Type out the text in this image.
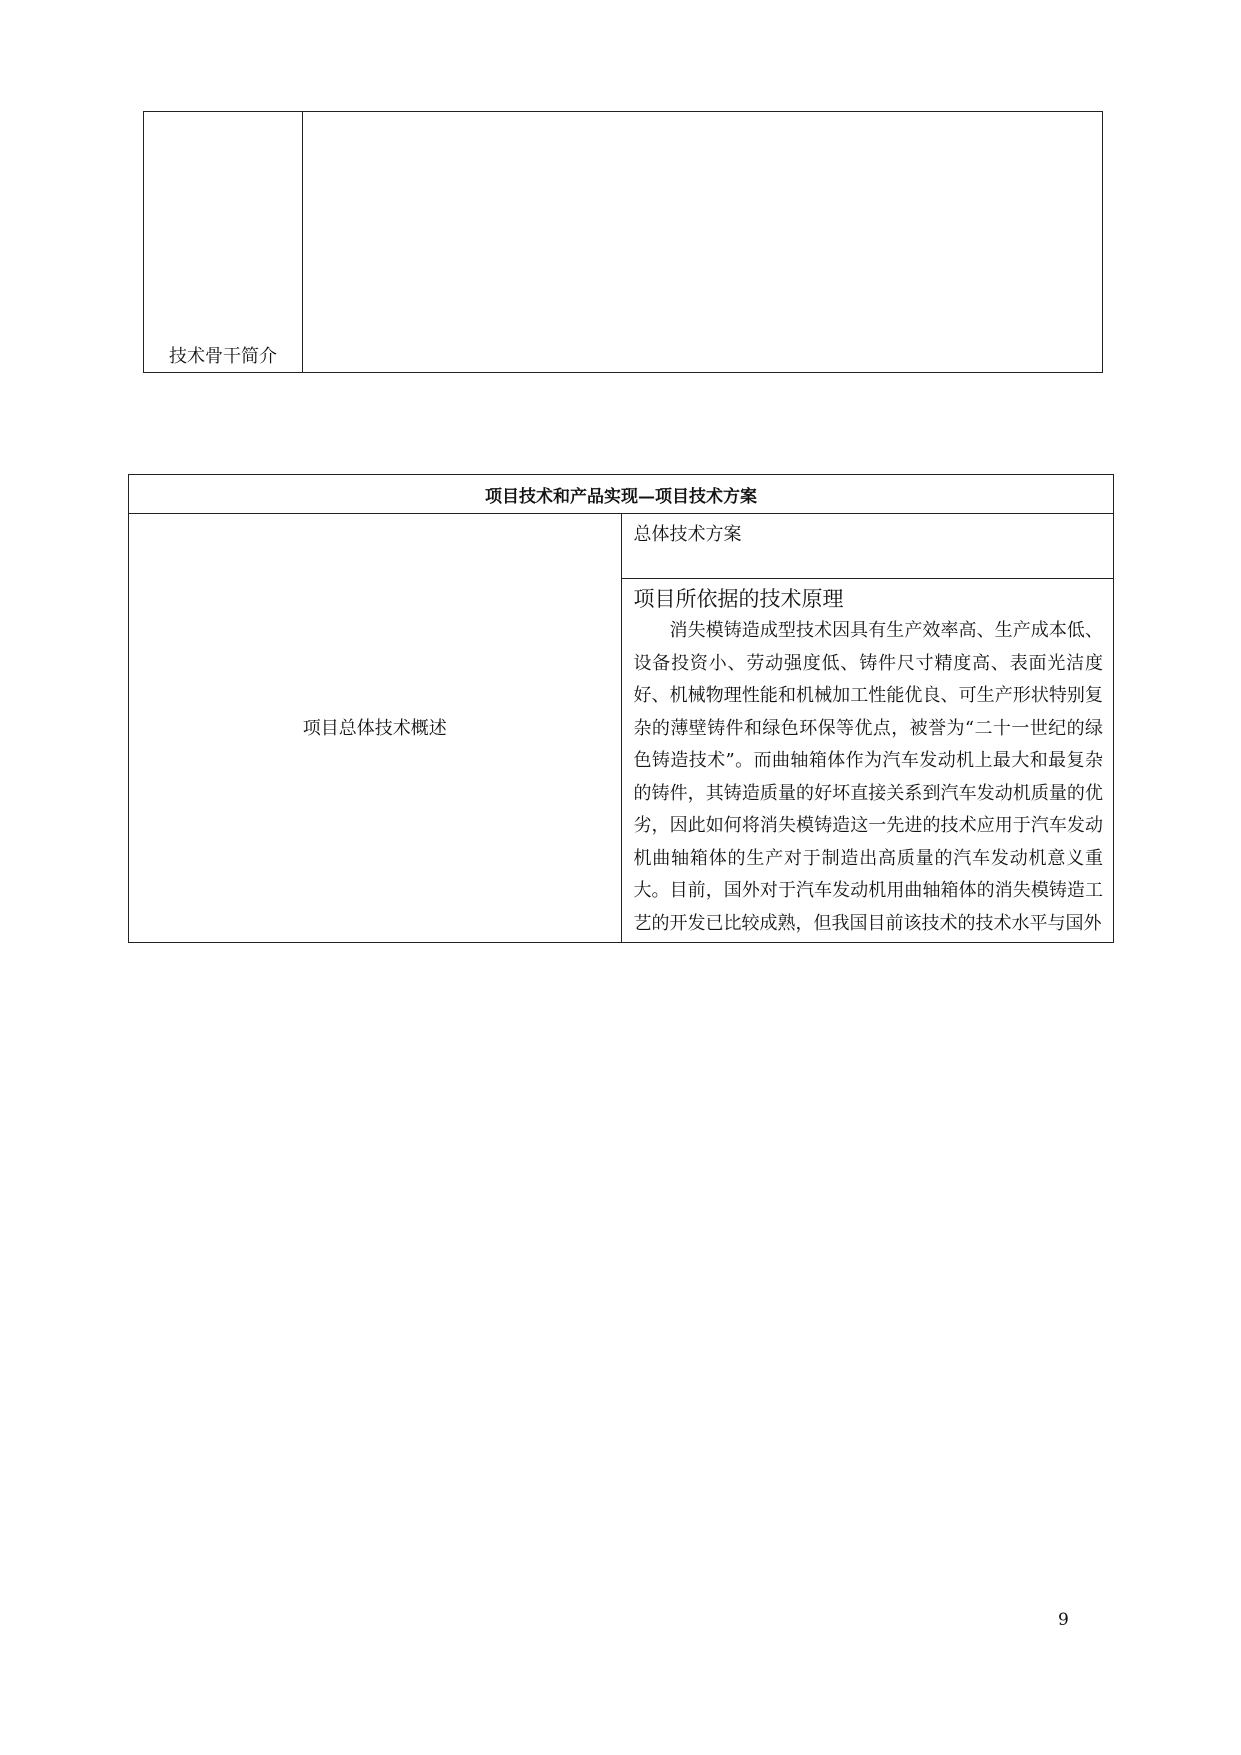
技术骨干简介	
项目技术和产品实现—项目技术方案
项目总体技术概述	总体技术方案

项目所依据的技术原理

消失模铸造成型技术因具有生产效率高、生产成本低、设备投资小、劳动强度低、铸件尺寸精度高、表面光洁度好、机械物理性能和机械加工性能优良、可生产形状特别复杂的薄壁铸件和绿色环保等优点，被誉为“二十一世纪的绿色铸造技术”。而曲轴箱体作为汽车发动机上最大和最复杂的铸件，其铸造质量的好坏直接关系到汽车发动机质量的优劣，因此如何将消失模铸造这一先进的技术应用于汽车发动机曲轴箱体的生产对于制造出高质量的汽车发动机意义重大。目前，国外对于汽车发动机用曲轴箱体的消失模铸造工艺的开发已比较成熟，但我国目前该技术的技术水平与国外

9
